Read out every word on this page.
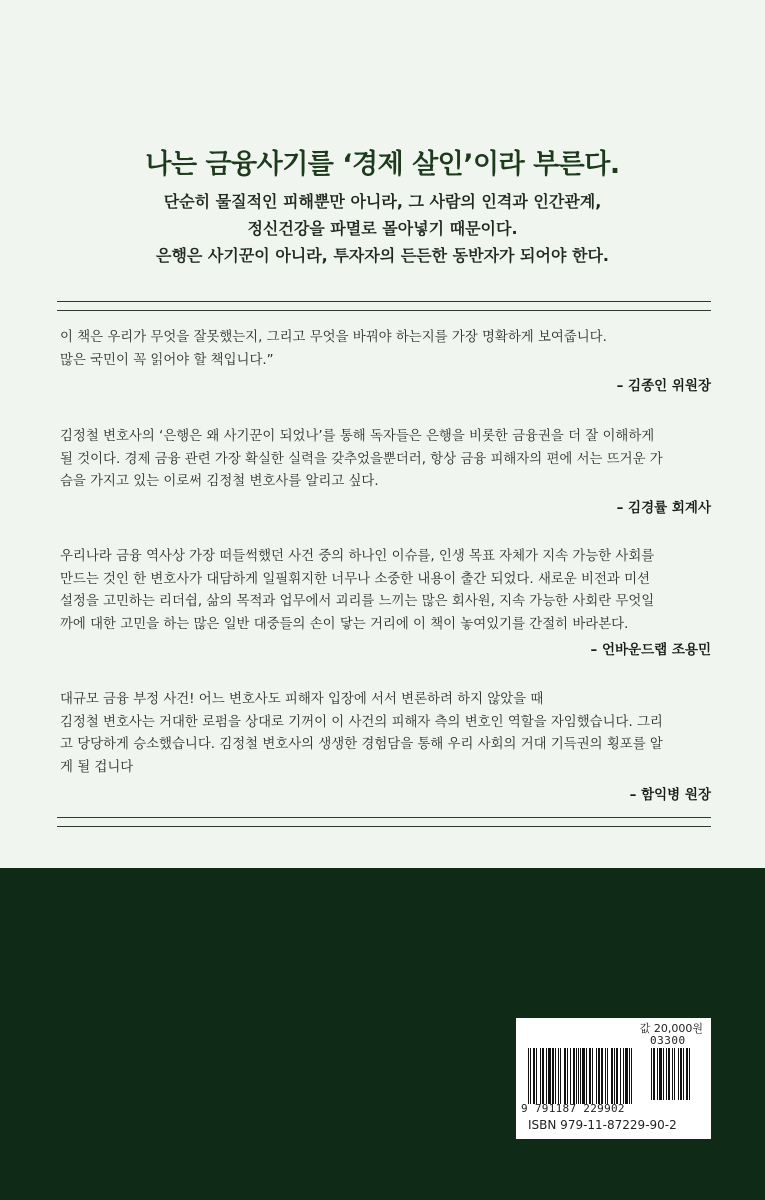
나는 금융사기를 ‘경제 살인’이라 부른다.
단순히 물질적인 피해뿐만 아니라, 그 사람의 인격과 인간관계,
정신건강을 파멸로 몰아넣기 때문이다.
은행은 사기꾼이 아니라, 투자자의 든든한 동반자가 되어야 한다.
이 책은 우리가 무엇을 잘못했는지, 그리고 무엇을 바꿔야 하는지를 가장 명확하게 보여줍니다.
많은 국민이 꼭 읽어야 할 책입니다.”
– 김종인 위원장
김정철 변호사의 ‘은행은 왜 사기꾼이 되었나’를 통해 독자들은 은행을 비롯한 금융권을 더 잘 이해하게
될 것이다. 경제 금융 관련 가장 확실한 실력을 갖추었을뿐더러, 항상 금융 피해자의 편에 서는 뜨거운 가
슴을 가지고 있는 이로써 김정철 변호사를 알리고 싶다.
– 김경률 회계사
우리나라 금융 역사상 가장 떠들썩했던 사건 중의 하나인 이슈를, 인생 목표 자체가 지속 가능한 사회를
만드는 것인 한 변호사가 대담하게 일필휘지한 너무나 소중한 내용이 출간 되었다. 새로운 비전과 미션
설정을 고민하는 리더쉽, 삶의 목적과 업무에서 괴리를 느끼는 많은 회사원, 지속 가능한 사회란 무엇일
까에 대한 고민을 하는 많은 일반 대중들의 손이 닿는 거리에 이 책이 놓여있기를 간절히 바라본다.
– 언바운드랩 조용민
대규모 금융 부정 사건! 어느 변호사도 피해자 입장에 서서 변론하려 하지 않았을 때
김정철 변호사는 거대한 로펌을 상대로 기꺼이 이 사건의 피해자 측의 변호인 역할을 자임했습니다. 그리
고 당당하게 승소했습니다. 김정철 변호사의 생생한 경험담을 통해 우리 사회의 거대 기득권의 횡포를 알
게 될 겁니다
– 함익병 원장
값 20,000원
03300
9 791187 229902
ISBN 979-11-87229-90-2
